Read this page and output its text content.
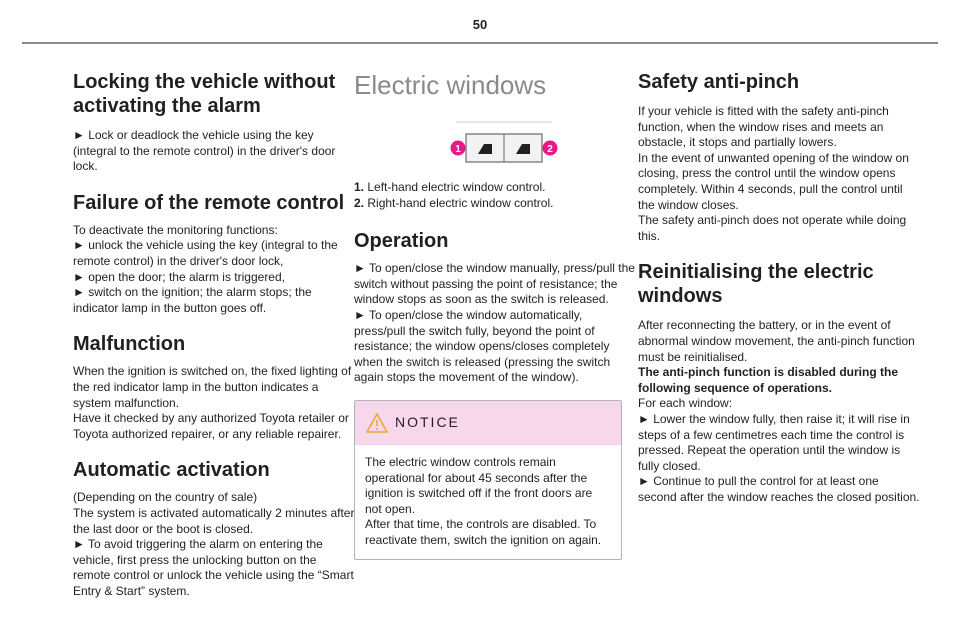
50
Locking the vehicle without activating the alarm

► Lock or deadlock the vehicle using the key (integral to the remote control) in the driver's door lock.

Failure of the remote control

To deactivate the monitoring functions:

► unlock the vehicle using the key (integral to the remote control) in the driver's door lock,

► open the door; the alarm is triggered,

► switch on the ignition; the alarm stops; the indicator lamp in the button goes off.

Malfunction

When the ignition is switched on, the fixed lighting of the red indicator lamp in the button indicates a system malfunction.

Have it checked by any authorized Toyota retailer or Toyota authorized repairer, or any reliable repairer.

Automatic activation

(Depending on the country of sale)

The system is activated automatically 2 minutes after the last door or the boot is closed.

► To avoid triggering the alarm on entering the vehicle, first press the unlocking button on the remote control or unlock the vehicle using the “Smart Entry & Start” system.

Electric windows
1	2
1. Left-hand electric window control.
2. Right-hand electric window control.
Operation

► To open/close the window manually, press/pull the switch without passing the point of resistance; the window stops as soon as the switch is released.

► To open/close the window automatically, press/pull the switch fully, beyond the point of resistance; the window opens/closes completely when the switch is released (pressing the switch again stops the movement of the window).

NOTICE

The electric window controls remain operational for about 45 seconds after the ignition is switched off if the front doors are not open.

After that time, the controls are disabled. To reactivate them, switch the ignition on again.

Safety anti-pinch

If your vehicle is fitted with the safety anti-pinch function, when the window rises and meets an obstacle, it stops and partially lowers.

In the event of unwanted opening of the window on closing, press the control until the window opens completely. Within 4 seconds, pull the control until the window closes.

The safety anti-pinch does not operate while doing this.

Reinitialising the electric windows

After reconnecting the battery, or in the event of abnormal window movement, the anti-pinch function must be reinitialised.

The anti-pinch function is disabled during the following sequence of operations.

For each window:

► Lower the window fully, then raise it; it will rise in steps of a few centimetres each time the control is pressed. Repeat the operation until the window is fully closed.

► Continue to pull the control for at least one second after the window reaches the closed position.
